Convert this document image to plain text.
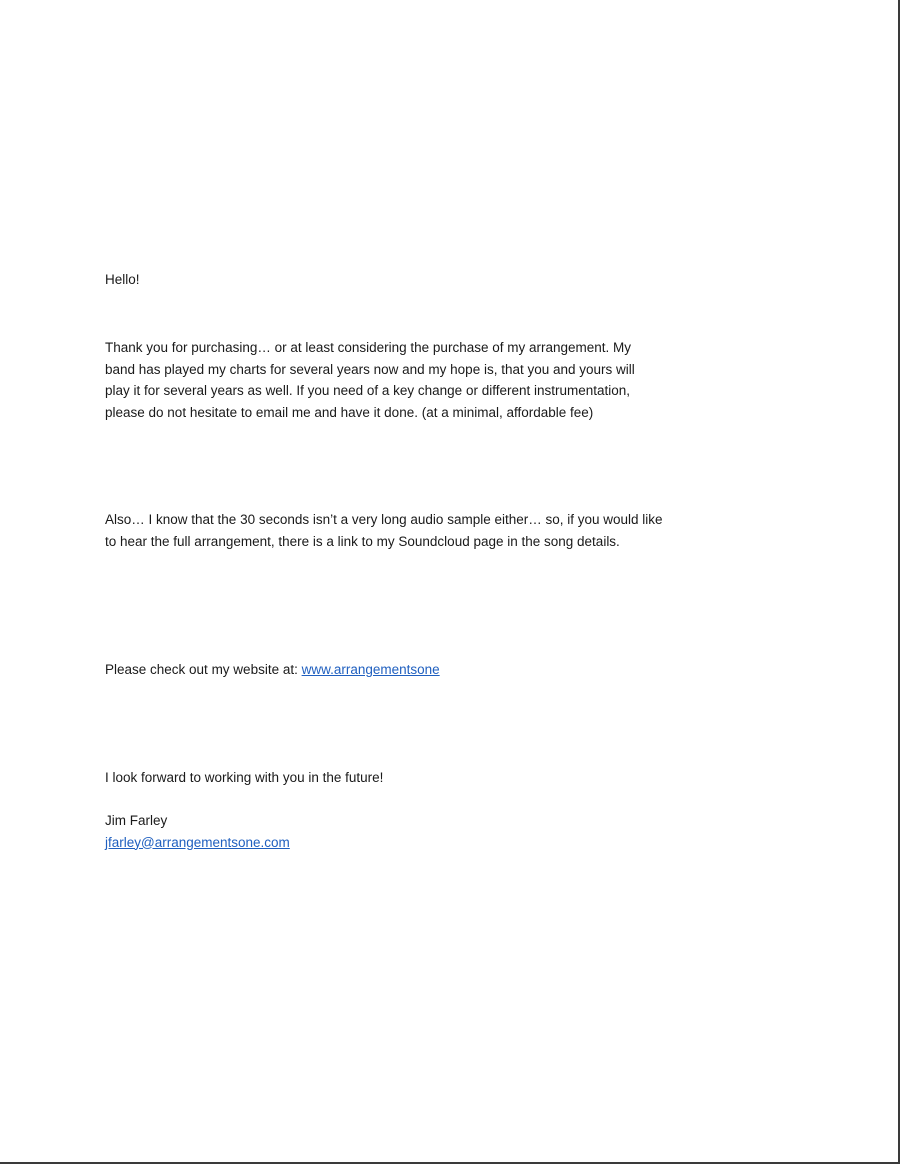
Hello!

Thank you for purchasing… or at least considering the purchase of my arrangement. My
band has played my charts for several years now and my hope is, that you and yours will
play it for several years as well. If you need of a key change or different instrumentation,
please do not hesitate to email me and have it done. (at a minimal, affordable fee)

Also… I know that the 30 seconds isn’t a very long audio sample either… so, if you would like
to hear the full arrangement, there is a link to my Soundcloud page in the song details.

Please check out my website at: www.arrangementsone

I look forward to working with you in the future!

Jim Farley
jfarley@arrangementsone.com
